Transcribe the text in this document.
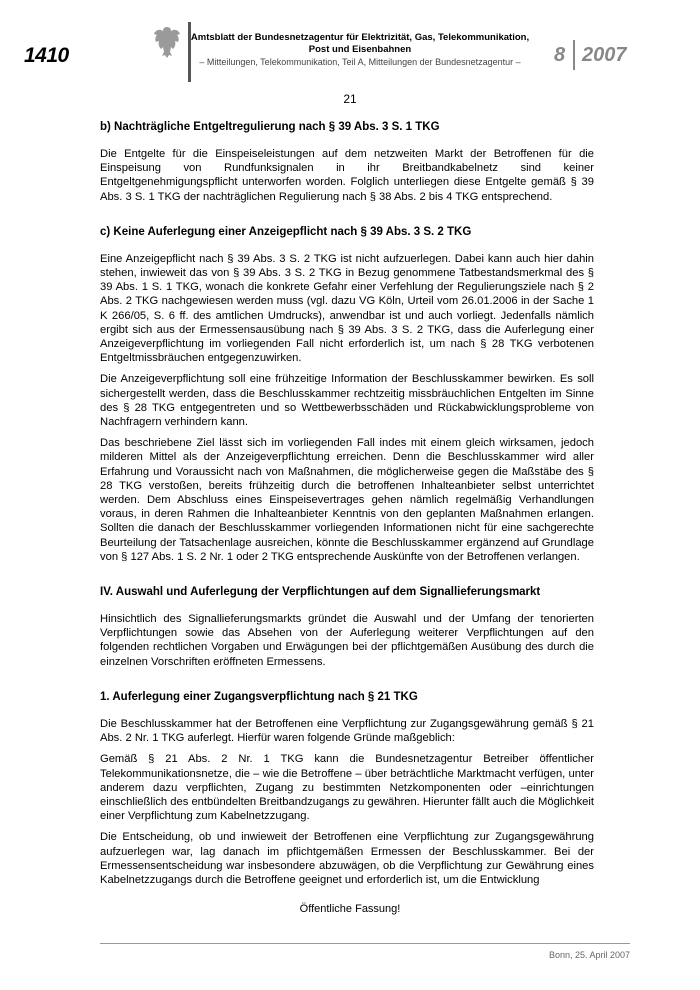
1410
Amtsblatt der Bundesnetzagentur für Elektrizität, Gas, Telekommunikation, Post und Eisenbahnen
– Mitteilungen, Telekommunikation, Teil A, Mitteilungen der Bundesnetzagentur –	8 2007
21
b) Nachträgliche Entgeltregulierung nach § 39 Abs. 3 S. 1 TKG
Die Entgelte für die Einspeiseleistungen auf dem netzweiten Markt der Betroffenen für die Einspeisung von Rundfunksignalen in ihr Breitbandkabelnetz sind keiner Entgeltgenehmigungspflicht unterworfen worden. Folglich unterliegen diese Entgelte gemäß § 39 Abs. 3 S. 1 TKG der nachträglichen Regulierung nach § 38 Abs. 2 bis 4 TKG entsprechend.
c) Keine Auferlegung einer Anzeigepflicht nach § 39 Abs. 3 S. 2 TKG
Eine Anzeigepflicht nach § 39 Abs. 3 S. 2 TKG ist nicht aufzuerlegen. Dabei kann auch hier dahin stehen, inwieweit das von § 39 Abs. 3 S. 2 TKG in Bezug genommene Tatbestandsmerkmal des § 39 Abs. 1 S. 1 TKG, wonach die konkrete Gefahr einer Verfehlung der Regulierungsziele nach § 2 Abs. 2 TKG nachgewiesen werden muss (vgl. dazu VG Köln, Urteil vom 26.01.2006 in der Sache 1 K 266/05, S. 6 ff. des amtlichen Umdrucks), anwendbar ist und auch vorliegt. Jedenfalls nämlich ergibt sich aus der Ermessensausübung nach § 39 Abs. 3 S. 2 TKG, dass die Auferlegung einer Anzeigeverpflichtung im vorliegenden Fall nicht erforderlich ist, um nach § 28 TKG verbotenen Entgeltmissbräuchen entgegenzuwirken.
Die Anzeigeverpflichtung soll eine frühzeitige Information der Beschlusskammer bewirken. Es soll sichergestellt werden, dass die Beschlusskammer rechtzeitig missbräuchlichen Entgelten im Sinne des § 28 TKG entgegentreten und so Wettbewerbsschäden und Rückabwicklungsprobleme von Nachfragern verhindern kann.
Das beschriebene Ziel lässt sich im vorliegenden Fall indes mit einem gleich wirksamen, jedoch milderen Mittel als der Anzeigeverpflichtung erreichen. Denn die Beschlusskammer wird aller Erfahrung und Voraussicht nach von Maßnahmen, die möglicherweise gegen die Maßstäbe des § 28 TKG verstoßen, bereits frühzeitig durch die betroffenen Inhalteanbieter selbst unterrichtet werden. Dem Abschluss eines Einspeisevertrages gehen nämlich regelmäßig Verhandlungen voraus, in deren Rahmen die Inhalteanbieter Kenntnis von den geplanten Maßnahmen erlangen. Sollten die danach der Beschlusskammer vorliegenden Informationen nicht für eine sachgerechte Beurteilung der Tatsachenlage ausreichen, könnte die Beschlusskammer ergänzend auf Grundlage von § 127 Abs. 1 S. 2 Nr. 1 oder 2 TKG entsprechende Auskünfte von der Betroffenen verlangen.
IV. Auswahl und Auferlegung der Verpflichtungen auf dem Signallieferungsmarkt
Hinsichtlich des Signallieferungsmarkts gründet die Auswahl und der Umfang der tenorierten Verpflichtungen sowie das Absehen von der Auferlegung weiterer Verpflichtungen auf den folgenden rechtlichen Vorgaben und Erwägungen bei der pflichtgemäßen Ausübung des durch die einzelnen Vorschriften eröffneten Ermessens.
1. Auferlegung einer Zugangsverpflichtung nach § 21 TKG
Die Beschlusskammer hat der Betroffenen eine Verpflichtung zur Zugangsgewährung gemäß § 21 Abs. 2 Nr. 1 TKG auferlegt. Hierfür waren folgende Gründe maßgeblich:
Gemäß § 21 Abs. 2 Nr. 1 TKG kann die Bundesnetzagentur Betreiber öffentlicher Telekommunikationsnetze, die – wie die Betroffene – über beträchtliche Marktmacht verfügen, unter anderem dazu verpflichten, Zugang zu bestimmten Netzkomponenten oder –einrichtungen einschließlich des entbündelten Breitbandzugangs zu gewähren. Hierunter fällt auch die Möglichkeit einer Verpflichtung zum Kabelnetzzugang.
Die Entscheidung, ob und inwieweit der Betroffenen eine Verpflichtung zur Zugangsgewährung aufzuerlegen war, lag danach im pflichtgemäßen Ermessen der Beschlusskammer. Bei der Ermessensentscheidung war insbesondere abzuwägen, ob die Verpflichtung zur Gewährung eines Kabelnetzzugangs durch die Betroffene geeignet und erforderlich ist, um die Entwicklung
Öffentliche Fassung!
Bonn, 25. April 2007
